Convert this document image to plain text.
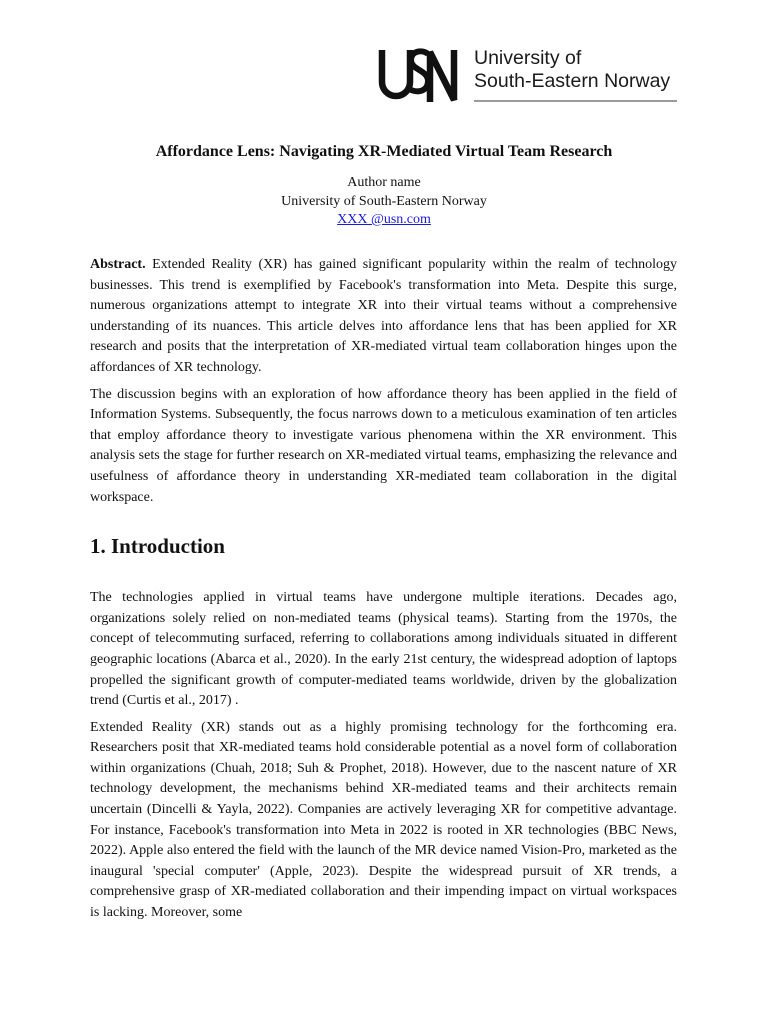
University of
South-Eastern Norway
Affordance Lens: Navigating XR-Mediated Virtual Team Research
Author name
University of South-Eastern Norway
XXX @usn.com

Abstract. Extended Reality (XR) has gained significant popularity within the realm of technology businesses. This trend is exemplified by Facebook's transformation into Meta. Despite this surge, numerous organizations attempt to integrate XR into their virtual teams without a comprehensive understanding of its nuances. This article delves into affordance lens that has been applied for XR research and posits that the interpretation of XR-mediated virtual team collaboration hinges upon the affordances of XR technology.

The discussion begins with an exploration of how affordance theory has been applied in the field of Information Systems. Subsequently, the focus narrows down to a meticulous examination of ten articles that employ affordance theory to investigate various phenomena within the XR environment. This analysis sets the stage for further research on XR-mediated virtual teams, emphasizing the relevance and usefulness of affordance theory in understanding XR-mediated team collaboration in the digital workspace.

1. Introduction

The technologies applied in virtual teams have undergone multiple iterations. Decades ago, organizations solely relied on non-mediated teams (physical teams). Starting from the 1970s, the concept of telecommuting surfaced, referring to collaborations among individuals situated in different geographic locations (Abarca et al., 2020). In the early 21st century, the widespread adoption of laptops propelled the significant growth of computer-mediated teams worldwide, driven by the globalization trend (Curtis et al., 2017) .

Extended Reality (XR) stands out as a highly promising technology for the forthcoming era. Researchers posit that XR-mediated teams hold considerable potential as a novel form of collaboration within organizations (Chuah, 2018; Suh & Prophet, 2018). However, due to the nascent nature of XR technology development, the mechanisms behind XR-mediated teams and their architects remain uncertain (Dincelli & Yayla, 2022). Companies are actively leveraging XR for competitive advantage. For instance, Facebook's transformation into Meta in 2022 is rooted in XR technologies (BBC News, 2022). Apple also entered the field with the launch of the MR device named Vision-Pro, marketed as the inaugural 'special computer' (Apple, 2023). Despite the widespread pursuit of XR trends, a comprehensive grasp of XR-mediated collaboration and their impending impact on virtual workspaces is lacking. Moreover, some
